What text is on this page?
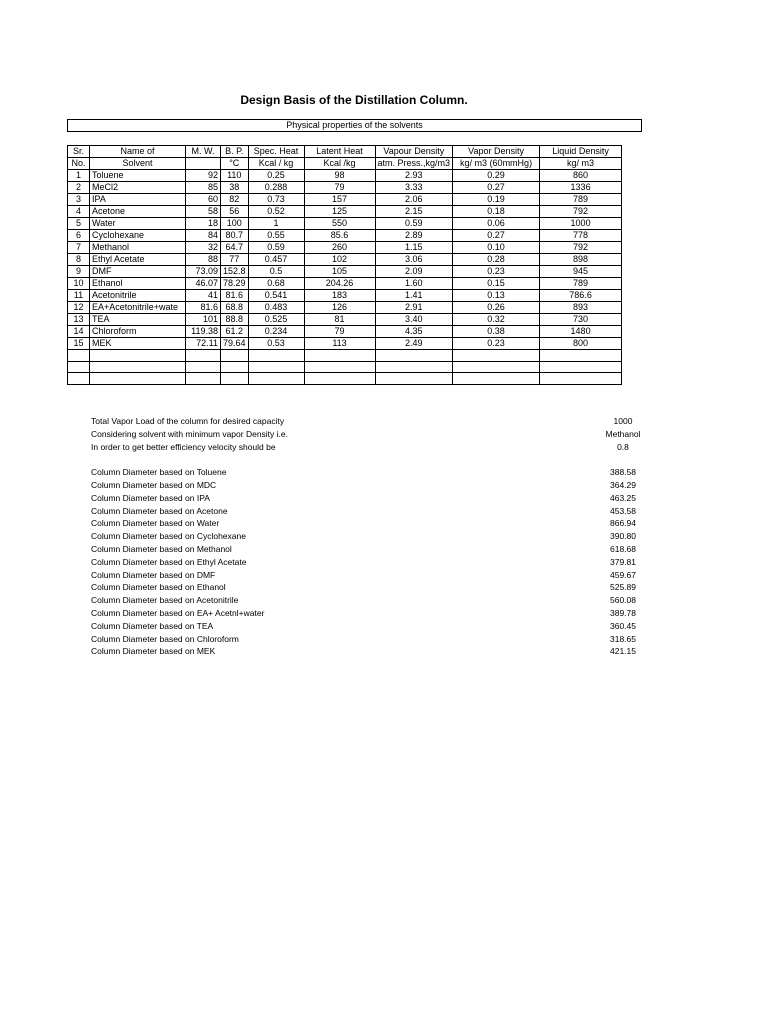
Design Basis of the Distillation Column.
Physical properties of the solvents
Sr.	Name of	M. W.	B. P.	Spec. Heat	Latent Heat	Vapour Density	Vapor Density	Liquid Density
No.	Solvent		°C	Kcal / kg	Kcal /kg	atm. Press.,kg/m3	kg/ m3 (60mmHg)	kg/ m3
1	Toluene	92	110	0.25	98	2.93	0.29	860
2	MeCl2	85	38	0.288	79	3.33	0.27	1336
3	IPA	60	82	0.73	157	2.06	0.19	789
4	Acetone	58	56	0.52	125	2.15	0.18	792
5	Water	18	100	1	550	0.59	0.06	1000
6	Cyclohexane	84	80.7	0.55	85.6	2.89	0.27	778
7	Methanol	32	64.7	0.59	260	1.15	0.10	792
8	Ethyl Acetate	88	77	0.457	102	3.06	0.28	898
9	DMF	73.09	152.8	0.5	105	2.09	0.23	945
10	Ethanol	46.07	78.29	0.68	204.26	1.60	0.15	789
11	Acetonitrile	41	81.6	0.541	183	1.41	0.13	786.6
12	EA+Acetonitrile+wate	81.6	68.8	0.483	126	2.91	0.26	893
13	TEA	101	88.8	0.525	81	3.40	0.32	730
14	Chloroform	119.38	61.2	0.234	79	4.35	0.38	1480
15	MEK	72.11	79.64	0.53	113	2.49	0.23	800

Total Vapor Load of the column for desired capacity	1000
Considering solvent with minimum vapor Density i.e.	Methanol
In order to get better efficiency velocity should be	0.8
Column Diameter based on Toluene	388.58
Column Diameter based on MDC	364.29
Column Diameter based on IPA	463.25
Column Diameter based on Acetone	453.58
Column Diameter based on Water	866.94
Column Diameter based on Cyclohexane	390.80
Column Diameter based on Methanol	618.68
Column Diameter based on Ethyl Acetate	379.81
Column Diameter based on DMF	459.67
Column Diameter based on Ethanol	525.89
Column Diameter based on Acetonitrile	560.08
Column Diameter based on EA+ Acetnl+water	389.78
Column Diameter based on TEA	360.45
Column Diameter based on Chloroform	318.65
Column Diameter based on MEK	421.15
